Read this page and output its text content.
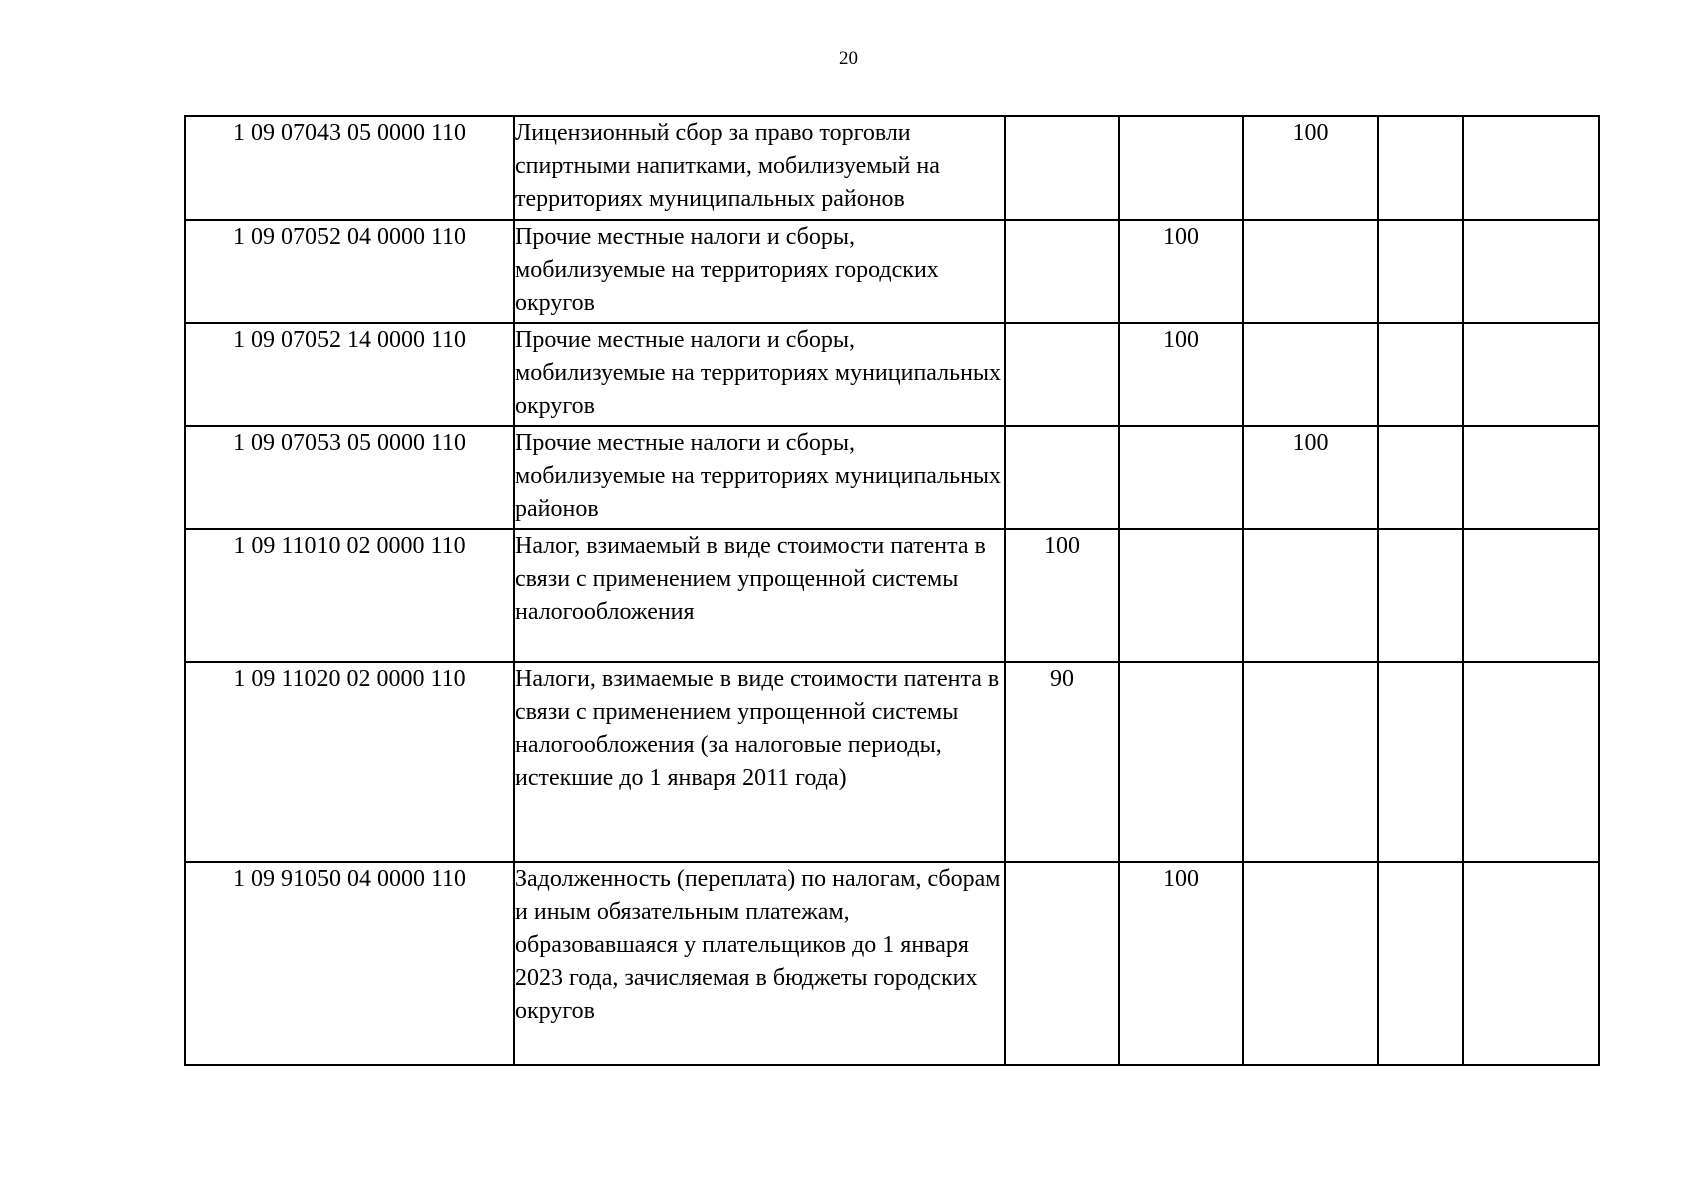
20
1 09 07043 05 0000 110	Лицензионный сбор за право торговли спиртными напитками, мобилизуемый на территориях муниципальных районов			100		
1 09 07052 04 0000 110	Прочие местные налоги и сборы, мобилизуемые на территориях городских округов		100			
1 09 07052 14 0000 110	Прочие местные налоги и сборы, мобилизуемые на территориях муниципальных округов		100			
1 09 07053 05 0000 110	Прочие местные налоги и сборы, мобилизуемые на территориях муниципальных районов			100		
1 09 11010 02 0000 110	Налог, взимаемый в виде стоимости патента в связи с применением упрощенной системы налогообложения	100				
1 09 11020 02 0000 110	Налоги, взимаемые в виде стоимости патента в связи с применением упрощенной системы налогообложения (за налоговые периоды, истекшие до 1 января 2011 года)	90				
1 09 91050 04 0000 110	Задолженность (переплата) по налогам, сборам и иным обязательным платежам, образовавшаяся у плательщиков до 1 января 2023 года, зачисляемая в бюджеты городских округов		100			
